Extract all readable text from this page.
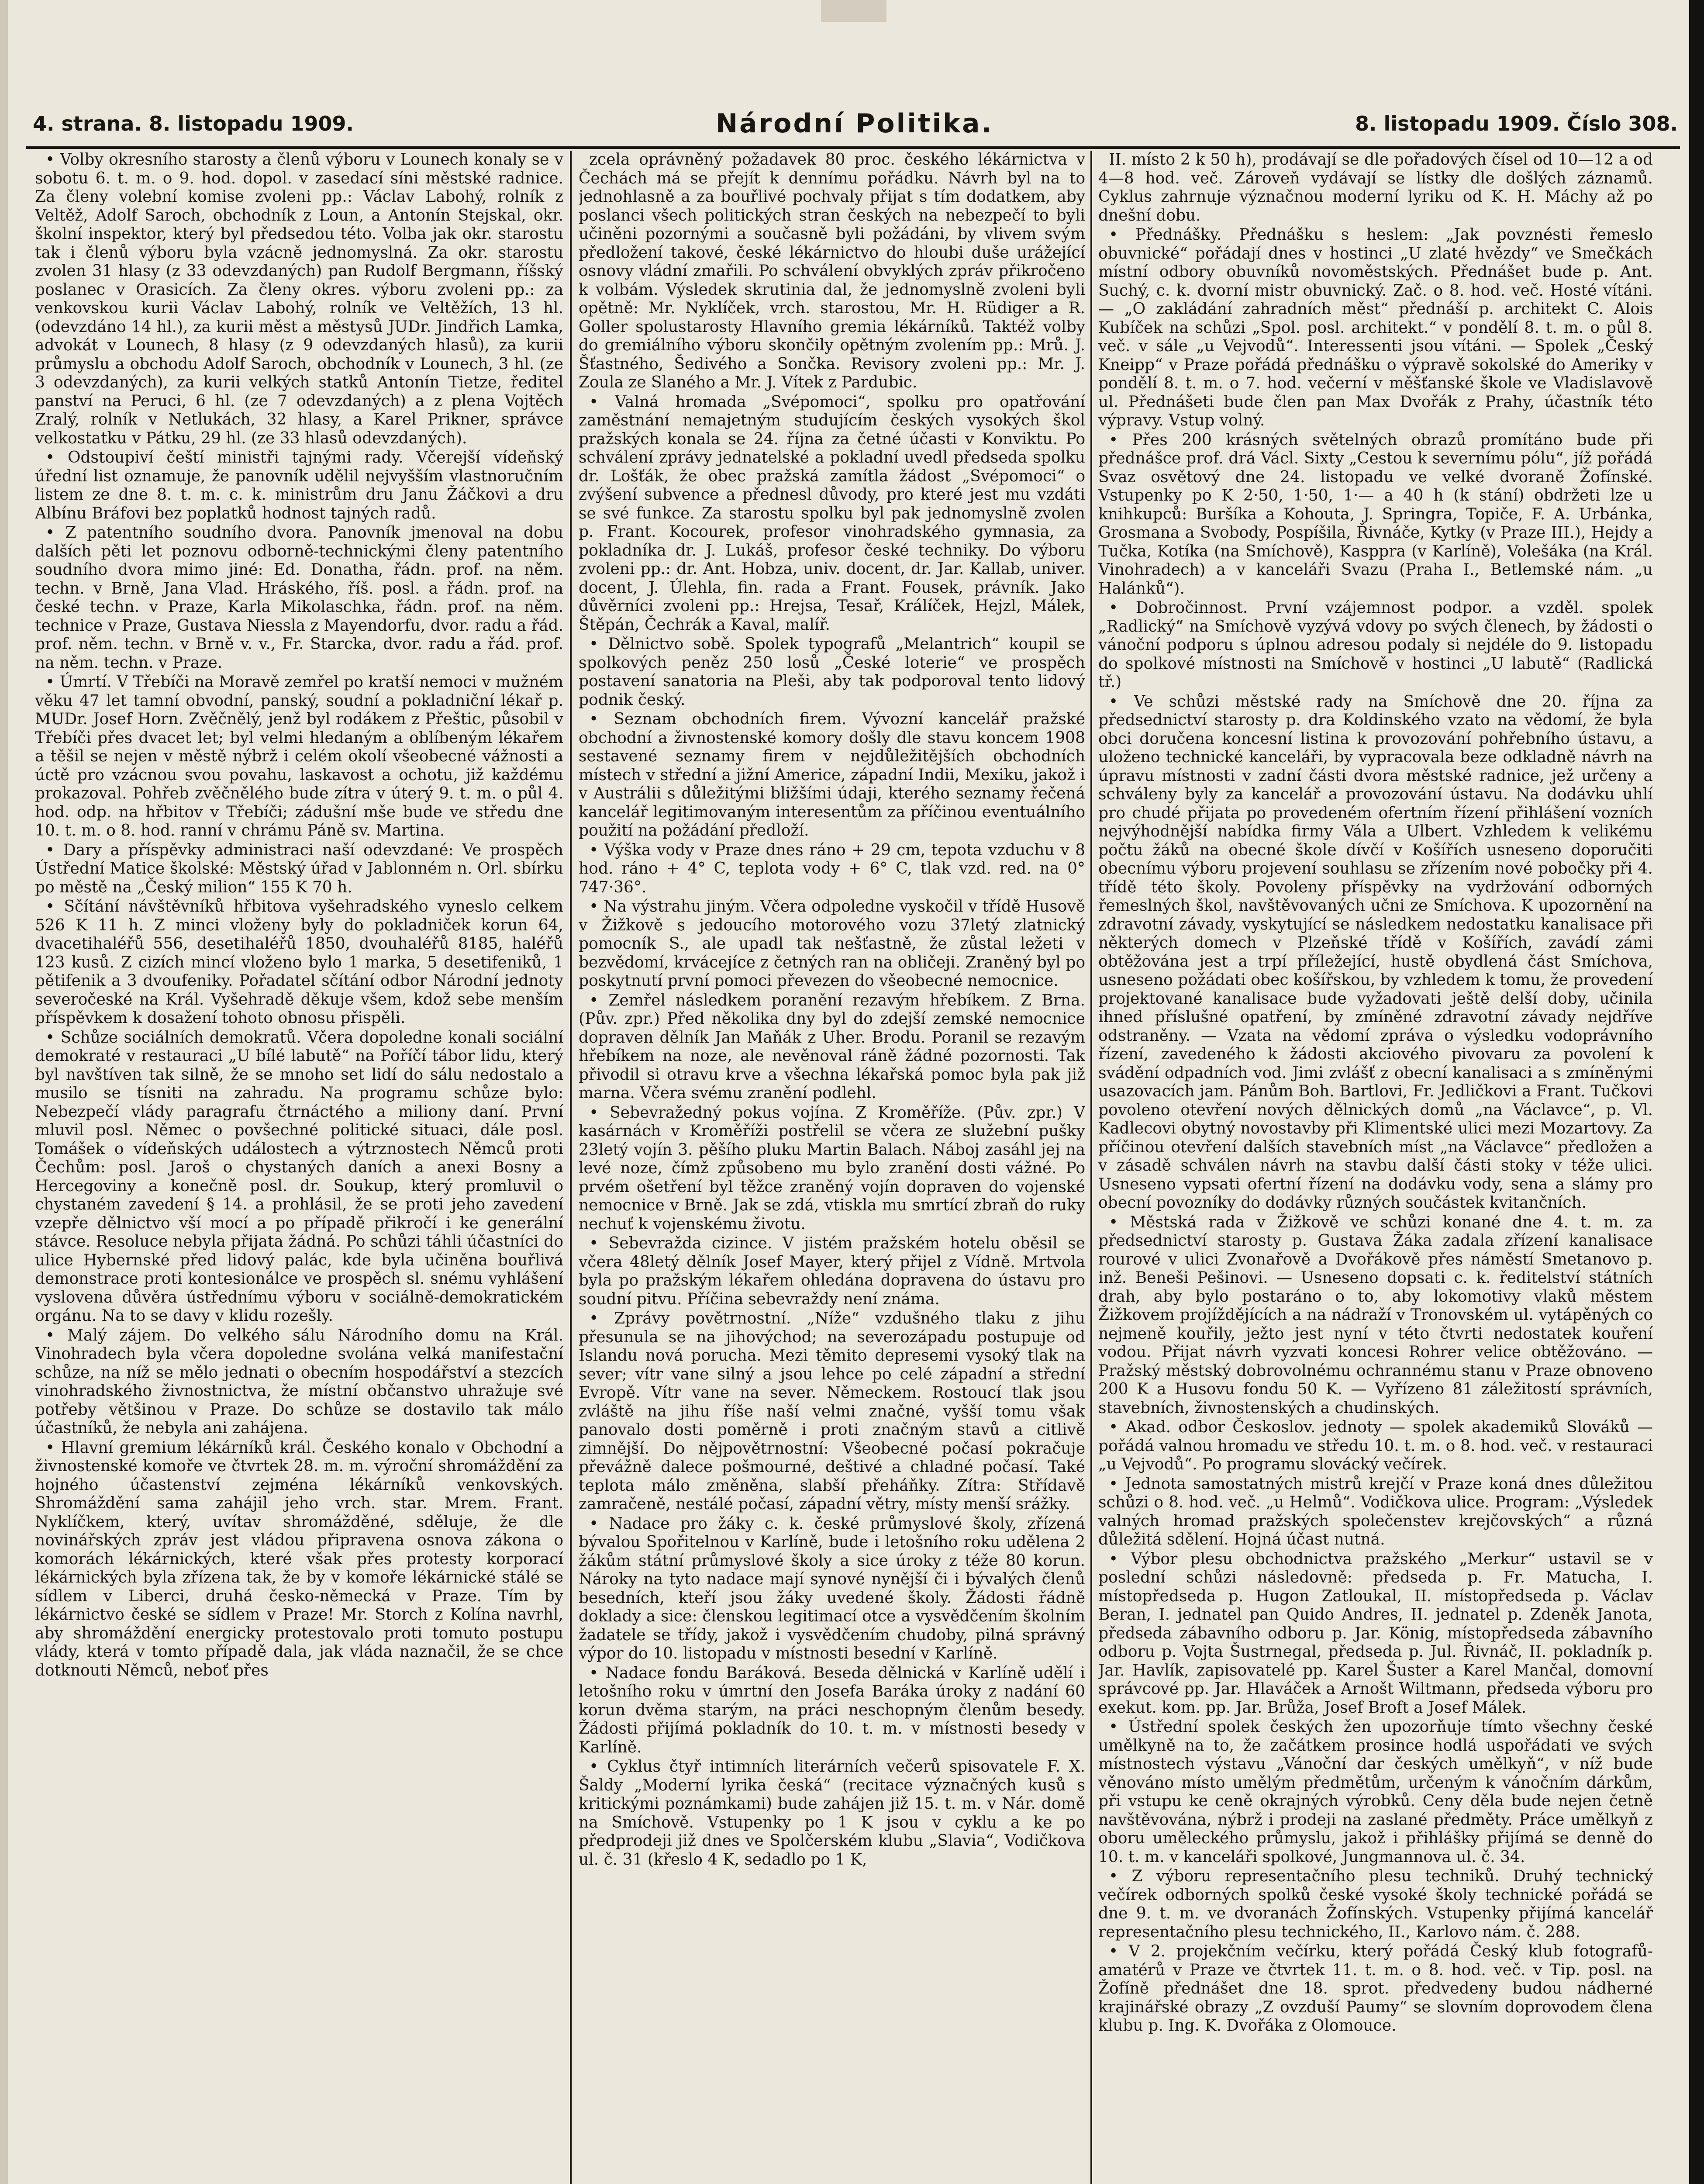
4. strana. 8. listopadu 1909.	Národní Politika.	8. listopadu 1909. Číslo 308.

• Volby okresního starosty a členů výboru v Lounech konaly se v sobotu 6. t. m. o 9. hod. dopol. v zasedací síni městské radnice. Za členy volební komise zvoleni pp.: Václav Labohý, rolník z Veltěž, Adolf Saroch, obchodník z Loun, a Antonín Stejskal, okr. školní inspektor, který byl předsedou této. Volba jak okr. starostu tak i členů výboru byla vzácně jednomyslná. Za okr. starostu zvolen 31 hlasy (z 33 odevzdaných) pan Rudolf Bergmann, říšský poslanec v Orasicích. Za členy okres. výboru zvoleni pp.: za venkovskou kurii Václav Labohý, rolník ve Veltěžích, 13 hl. (odevzdáno 14 hl.), za kurii měst a městysů JUDr. Jindřich Lamka, advokát v Lounech, 8 hlasy (z 9 odevzdaných hlasů), za kurii průmyslu a obchodu Adolf Saroch, obchodník v Lounech, 3 hl. (ze 3 odevzdaných), za kurii velkých statků Antonín Tietze, ředitel panství na Peruci, 6 hl. (ze 7 odevzdaných) a z plena Vojtěch Zralý, rolník v Netlukách, 32 hlasy, a Karel Prikner, správce velkostatku v Pátku, 29 hl. (ze 33 hlasů odevzdaných).

• Odstoupiví čeští ministři tajnými rady. Včerejší vídeňský úřední list oznamuje, že panovník udělil nejvyšším vlastnoručním listem ze dne 8. t. m. c. k. ministrům dru Janu Žáčkovi a dru Albínu Bráfovi bez poplatků hodnost tajných radů.

• Z patentního soudního dvora. Panovník jmenoval na dobu dalších pěti let poznovu odborně-technickými členy patentního soudního dvora mimo jiné: Ed. Donatha, řádn. prof. na něm. techn. v Brně, Jana Vlad. Hráského, říš. posl. a řádn. prof. na české techn. v Praze, Karla Mikolaschka, řádn. prof. na něm. technice v Praze, Gustava Niessla z Mayendorfu, dvor. radu a řád. prof. něm. techn. v Brně v. v., Fr. Starcka, dvor. radu a řád. prof. na něm. techn. v Praze.

• Úmrtí. V Třebíči na Moravě zemřel po kratší nemoci v mužném věku 47 let tamní obvodní, panský, soudní a pokladniční lékař p. MUDr. Josef Horn. Zvěčnělý, jenž byl rodákem z Přeštic, působil v Třebíči přes dvacet let; byl velmi hledaným a oblíbeným lékařem a těšil se nejen v městě nýbrž i celém okolí všeobecné vážnosti a úctě pro vzácnou svou povahu, laskavost a ochotu, již každému prokazoval. Pohřeb zvěčnělého bude zítra v úterý 9. t. m. o půl 4. hod. odp. na hřbitov v Třebíči; zádušní mše bude ve středu dne 10. t. m. o 8. hod. ranní v chrámu Páně sv. Martina.

• Dary a příspěvky administraci naší odevzdané: Ve prospěch Ústřední Matice školské: Městský úřad v Jablonném n. Orl. sbírku po městě na „Český milion“ 155 K 70 h.

• Sčítání návštěvníků hřbitova vyšehradského vyneslo celkem 526 K 11 h. Z minci vloženy byly do pokladniček korun 64, dvacetihaléřů 556, desetihaléřů 1850, dvouhaléřů 8185, haléřů 123 kusů. Z cizích mincí vloženo bylo 1 marka, 5 desetifeniků, 1 pětifenik a 3 dvoufeniky. Pořadatel sčítání odbor Národní jednoty severočeské na Král. Vyšehradě děkuje všem, kdož sebe menším příspěvkem k dosažení tohoto obnosu přispěli.

• Schůze sociálních demokratů. Včera dopoledne konali sociální demokraté v restauraci „U bílé labutě“ na Poříčí tábor lidu, který byl navštíven tak silně, že se mnoho set lidí do sálu nedostalo a musilo se tísniti na zahradu. Na programu schůze bylo: Nebezpečí vlády paragrafu čtrnáctého a miliony daní. První mluvil posl. Němec o povšechné politické situaci, dále posl. Tomášek o vídeňských událostech a výtrznostech Němců proti Čechům: posl. Jaroš o chystaných daních a anexi Bosny a Hercegoviny a konečně posl. dr. Soukup, který promluvil o chystaném zavedení § 14. a prohlásil, že se proti jeho zavedení vzepře dělnictvo vší mocí a po případě přikročí i ke generální stávce. Resoluce nebyla přijata žádná. Po schůzi táhli účastníci do ulice Hybernské před lidový palác, kde byla učiněna bouřlivá demonstrace proti kontesionálce ve prospěch sl. snému vyhlášení vyslovena důvěra ústřednímu výboru v sociálně-demokratickém orgánu. Na to se davy v klidu rozešly.

• Malý zájem. Do velkého sálu Národního domu na Král. Vinohradech byla včera dopoledne svolána velká manifestační schůze, na níž se mělo jednati o obecním hospodářství a stezcích vinohradského živnostnictva, že místní občanstvo uhražuje své potřeby většinou v Praze. Do schůze se dostavilo tak málo účastníků, že nebyla ani zahájena.

• Hlavní gremium lékárníků král. Českého konalo v Obchodní a živnostenské komoře ve čtvrtek 28. m. m. výroční shromáždění za hojného účastenství zejména lékárníků venkovských. Shromáždění sama zahájil jeho vrch. star. Mrem. Frant. Nyklíčkem, který, uvítav shromážděné, sděluje, že dle novinářských zpráv jest vládou připravena osnova zákona o komorách lékárnických, které však přes protesty korporací lékárnických byla zřízena tak, že by v komoře lékárnické stálé se sídlem v Liberci, druhá česko-německá v Praze. Tím by lékárnictvo české se sídlem v Praze! Mr. Storch z Kolína navrhl, aby shromáždění energicky protestovalo proti tomuto postupu vlády, která v tomto případě dala, jak vláda naznačil, že se chce dotknouti Němců, neboť přes

zcela oprávněný požadavek 80 proc. českého lékárnictva v Čechách má se přejít k dennímu pořádku. Návrh byl na to jednohlasně a za bouřlivé pochvaly přijat s tím dodatkem, aby poslanci všech politických stran českých na nebezpečí to byli učiněni pozornými a současně byli požádáni, by vlivem svým předložení takové, české lékárnictvo do hloubi duše urážející osnovy vládní zmařili. Po schválení obvyklých zpráv přikročeno k volbám. Výsledek skrutinia dal, že jednomyslně zvoleni byli opětně: Mr. Nyklíček, vrch. starostou, Mr. H. Rüdiger a R. Goller spolustarosty Hlavního gremia lékárníků. Taktéž volby do gremiálního výboru skončily opětným zvolením pp.: Mrů. J. Šťastného, Šedivého a Sončka. Revisory zvoleni pp.: Mr. J. Zoula ze Slaného a Mr. J. Vítek z Pardubic.

• Valná hromada „Svépomoci“, spolku pro opatřování zaměstnání nemajetným studujícím českých vysokých škol pražských konala se 24. října za četné účasti v Konviktu. Po schválení zprávy jednatelské a pokladní uvedl předseda spolku dr. Lošťák, že obec pražská zamítla žádost „Svépomoci“ o zvýšení subvence a přednesl důvody, pro které jest mu vzdáti se své funkce. Za starostu spolku byl pak jednomyslně zvolen p. Frant. Kocourek, profesor vinohradského gymnasia, za pokladníka dr. J. Lukáš, profesor české techniky. Do výboru zvoleni pp.: dr. Ant. Hobza, univ. docent, dr. Jar. Kallab, univer. docent, J. Úlehla, fin. rada a Frant. Fousek, právník. Jako důvěrníci zvoleni pp.: Hrejsa, Tesař, Králíček, Hejzl, Málek, Štěpán, Čechrák a Kaval, malíř.

• Dělnictvo sobě. Spolek typografů „Melantrich“ koupil se spolkových peněz 250 losů „České loterie“ ve prospěch postavení sanatoria na Pleši, aby tak podporoval tento lidový podnik český.

• Seznam obchodních firem. Vývozní kancelář pražské obchodní a živnostenské komory došly dle stavu koncem 1908 sestavené seznamy firem v nejdůležitějších obchodních místech v střední a jižní Americe, západní Indii, Mexiku, jakož i v Austrálii s důležitými bližšími údaji, kterého seznamy řečená kancelář legitimovaným interesentům za příčinou eventuálního použití na požádání předloží.

• Výška vody v Praze dnes ráno + 29 cm, tepota vzduchu v 8 hod. ráno + 4° C, teplota vody + 6° C, tlak vzd. red. na 0° 747·36°.

• Na výstrahu jiným. Včera odpoledne vyskočil v třídě Husově v Žižkově s jedoucího motorového vozu 37letý zlatnický pomocník S., ale upadl tak nešťastně, že zůstal ležeti v bezvědomí, krvácejíce z četných ran na obličeji. Zraněný byl po poskytnutí první pomoci převezen do všeobecné nemocnice.

• Zemřel následkem poranění rezavým hřebíkem. Z Brna. (Pův. zpr.) Před několika dny byl do zdejší zemské nemocnice dopraven dělník Jan Maňák z Uher. Brodu. Poranil se rezavým hřebíkem na noze, ale nevěnoval ráně žádné pozornosti. Tak přivodil si otravu krve a všechna lékařská pomoc byla pak již marna. Včera svému zranění podlehl.

• Sebevražedný pokus vojína. Z Kroměříže. (Pův. zpr.) V kasárnách v Kroměříži postřelil se včera ze služební pušky 23letý vojín 3. pěšího pluku Martin Balach. Náboj zasáhl jej na levé noze, čímž způsobeno mu bylo zranění dosti vážné. Po prvém ošetření byl těžce zraněný vojín dopraven do vojenské nemocnice v Brně. Jak se zdá, vtiskla mu smrtící zbraň do ruky nechuť k vojenskému životu.

• Sebevražda cizince. V jistém pražském hotelu oběsil se včera 48letý dělník Josef Mayer, který přijel z Vídně. Mrtvola byla po pražským lékařem ohledána dopravena do ústavu pro soudní pitvu. Příčina sebevraždy není známa.

• Zprávy povětrnostní. „Níže“ vzdušného tlaku z jihu přesunula se na jihovýchod; na severozápadu postupuje od Islandu nová porucha. Mezi těmito depresemi vysoký tlak na sever; vítr vane silný a jsou lehce po celé západní a střední Evropě. Vítr vane na sever. Německem. Rostoucí tlak jsou zvláště na jihu říše naší velmi značné, vyšší tomu však panovalo dosti poměrně i proti značným stavů a citlivě zimnější. Do nějpovětrnostní: Všeobecné počasí pokračuje převážně dalece pošmourné, deštivé a chladné počasí. Také teplota málo změněna, slabší přeháňky. Zítra: Střídavě zamračeně, nestálé počasí, západní větry, místy menší srážky.

• Nadace pro žáky c. k. české průmyslové školy, zřízená bývalou Spořitelnou v Karlíně, bude i letošního roku udělena 2 žákům státní průmyslové školy a sice úroky z téže 80 korun. Nároky na tyto nadace mají synové nynější či i bývalých členů besedních, kteří jsou žáky uvedené školy. Žádosti řádně doklady a sice: členskou legitimací otce a vysvědčením školním žadatele se třídy, jakož i vysvědčením chudoby, pilná správný výpor do 10. listopadu v místnosti besední v Karlíně.

• Nadace fondu Baráková. Beseda dělnická v Karlíně udělí i letošního roku v úmrtní den Josefa Baráka úroky z nadání 60 korun dvěma starým, na práci neschopným členům besedy. Žádosti přijímá pokladník do 10. t. m. v místnosti besedy v Karlíně.

• Cyklus čtyř intimních literárních večerů spisovatele F. X. Šaldy „Moderní lyrika česká“ (recitace význačných kusů s kritickými poznámkami) bude zahájen již 15. t. m. v Nár. domě na Smíchově. Vstupenky po 1 K jsou v cyklu a ke po předprodeji již dnes ve Spolčerském klubu „Slavia“, Vodičkova ul. č. 31 (křeslo 4 K, sedadlo po 1 K,

II. místo 2 k 50 h), prodávají se dle pořadových čísel od 10—12 a od 4—8 hod. več. Zároveň vydávají se lístky dle došlých záznamů. Cyklus zahrnuje význačnou moderní lyriku od K. H. Máchy až po dnešní dobu.

• Přednášky. Přednášku s heslem: „Jak povznésti řemeslo obuvnické“ pořádají dnes v hostinci „U zlaté hvězdy“ ve Smečkách místní odbory obuvníků novoměstských. Přednášet bude p. Ant. Suchý, c. k. dvorní mistr obuvnický. Zač. o 8. hod. več. Hosté vítáni. — „O zakládání zahradních měst“ přednáší p. architekt C. Alois Kubíček na schůzi „Spol. posl. architekt.“ v pondělí 8. t. m. o půl 8. več. v sále „u Vejvodů“. Interessenti jsou vítáni. — Spolek „Český Kneipp“ v Praze pořádá přednášku o výpravě sokolské do Ameriky v pondělí 8. t. m. o 7. hod. večerní v měšťanské škole ve Vladislavově ul. Přednášeti bude člen pan Max Dvořák z Prahy, účastník této výpravy. Vstup volný.

• Přes 200 krásných světelných obrazů promítáno bude při přednášce prof. drá Václ. Sixty „Cestou k severnímu pólu“, jíž pořádá Svaz osvětový dne 24. listopadu ve velké dvoraně Žofínské. Vstupenky po K 2·50, 1·50, 1·— a 40 h (k stání) obdržeti lze u knihkupců: Buršíka a Kohouta, J. Springra, Topiče, F. A. Urbánka, Grosmana a Svobody, Pospíšila, Řivnáče, Kytky (v Praze III.), Hejdy a Tučka, Kotíka (na Smíchově), Kasppra (v Karlíně), Volešáka (na Král. Vinohradech) a v kanceláři Svazu (Praha I., Betlemské nám. „u Halánků“).

• Dobročinnost. První vzájemnost podpor. a vzděl. spolek „Radlický“ na Smíchově vyzývá vdovy po svých členech, by žádosti o vánoční podporu s úplnou adresou podaly si nejdéle do 9. listopadu do spolkové místnosti na Smíchově v hostinci „U labutě“ (Radlická tř.)

• Ve schůzi městské rady na Smíchově dne 20. října za předsednictví starosty p. dra Koldinského vzato na vědomí, že byla obci doručena koncesní listina k provozování pohřebního ústavu, a uloženo technické kanceláři, by vypracovala beze odkladně návrh na úpravu místnosti v zadní části dvora městské radnice, jež určeny a schváleny byly za kancelář a provozování ústavu. Na dodávku uhlí pro chudé přijata po provedeném ofertním řízení přihlášení vozních nejvýhodnější nabídka firmy Vála a Ulbert. Vzhledem k velikému počtu žáků na obecné škole dívčí v Košířích usneseno doporučiti obecnímu výboru projevení souhlasu se zřízením nové pobočky při 4. třídě této školy. Povoleny příspěvky na vydržování odborných řemeslných škol, navštěvovaných učni ze Smíchova. K upozornění na zdravotní závady, vyskytující se následkem nedostatku kanalisace při některých domech v Plzeňské třídě v Košířích, zavádí zámi obtěžována jest a trpí příležející, hustě obydlená část Smíchova, usneseno požádati obec košířskou, by vzhledem k tomu, že provedení projektované kanalisace bude vyžadovati ještě delší doby, učinila ihned příslušné opatření, by zmíněné zdravotní závady nejdříve odstraněny. — Vzata na vědomí zpráva o výsledku vodoprávního řízení, zavedeného k žádosti akciového pivovaru za povolení k svádění odpadních vod. Jimi zvlášť z obecní kanalisaci a s zmíněnými usazovacích jam. Pánům Boh. Bartlovi, Fr. Jedličkovi a Frant. Tučkovi povoleno otevření nových dělnických domů „na Václavce“, p. Vl. Kadlecovi obytný novostavby při Klimentské ulici mezi Mozartovy. Za příčinou otevření dalších stavebních míst „na Václavce“ předložen a v zásadě schválen návrh na stavbu další části stoky v téže ulici. Usneseno vypsati ofertní řízení na dodávku vody, sena a slámy pro obecní povozníky do dodávky různých součástek kvitančních.

• Městská rada v Žižkově ve schůzi konané dne 4. t. m. za předsednictví starosty p. Gustava Žáka zadala zřízení kanalisace rourové v ulici Zvonařově a Dvořákově přes náměstí Smetanovo p. inž. Beneši Pešinovi. — Usneseno dopsati c. k. ředitelství státních drah, aby bylo postaráno o to, aby lokomotivy vlaků městem Žižkovem projíždějících a na nádraží v Tronovském ul. vytápěných co nejmeně kouřily, ježto jest nyní v této čtvrti nedostatek kouření vodou. Přijat návrh vyzvati koncesi Rohrer velice obtěžováno. — Pražský městský dobrovolnému ochrannému stanu v Praze obnoveno 200 K a Husovu fondu 50 K. — Vyřízeno 81 záležitostí správních, stavebních, živnostenských a chudinských.

• Akad. odbor Českoslov. jednoty — spolek akademiků Slováků — pořádá valnou hromadu ve středu 10. t. m. o 8. hod. več. v restauraci „u Vejvodů“. Po programu slovácký večírek.

• Jednota samostatných mistrů krejčí v Praze koná dnes důležitou schůzi o 8. hod. več. „u Helmů“. Vodičkova ulice. Program: „Výsledek valných hromad pražských společenstev krejčovských“ a různá důležitá sdělení. Hojná účast nutná.

• Výbor plesu obchodnictva pražského „Merkur“ ustavil se v poslední schůzi následovně: předseda p. Fr. Matucha, I. místopředseda p. Hugon Zatloukal, II. místopředseda p. Václav Beran, I. jednatel pan Quido Andres, II. jednatel p. Zdeněk Janota, předseda zábavního odboru p. Jar. König, místopředseda zábavního odboru p. Vojta Šustrnegal, předseda p. Jul. Řivnáč, II. pokladník p. Jar. Havlík, zapisovatelé pp. Karel Šuster a Karel Mančal, domovní správcové pp. Jar. Hlaváček a Arnošt Wiltmann, předseda výboru pro exekut. kom. pp. Jar. Brůža, Josef Broft a Josef Málek.

• Ústřední spolek českých žen upozorňuje tímto všechny české umělkyně na to, že začátkem prosince hodlá uspořádati ve svých místnostech výstavu „Vánoční dar českých umělkyň“, v níž bude věnováno místo umělým předmětům, určeným k vánočním dárkům, při vstupu ke ceně okrajných výrobků. Ceny děla bude nejen četně navštěvována, nýbrž i prodeji na zaslané předměty. Práce umělkyň z oboru uměleckého průmyslu, jakož i přihlášky přijímá se denně do 10. t. m. v kanceláři spolkové, Jungmannova ul. č. 34.

• Z výboru representačního plesu techniků. Druhý technický večírek odborných spolků české vysoké školy technické pořádá se dne 9. t. m. ve dvoranách Žofínských. Vstupenky přijímá kancelář representačního plesu technického, II., Karlovo nám. č. 288.

• V 2. projekčním večírku, který pořádá Český klub fotografů-amatérů v Praze ve čtvrtek 11. t. m. o 8. hod. več. v Tip. posl. na Žofíně přednášet dne 18. sprot. předvedeny budou nádherné krajinářské obrazy „Z ovzduší Paumy“ se slovním doprovodem člena klubu p. Ing. K. Dvořáka z Olomouce.
